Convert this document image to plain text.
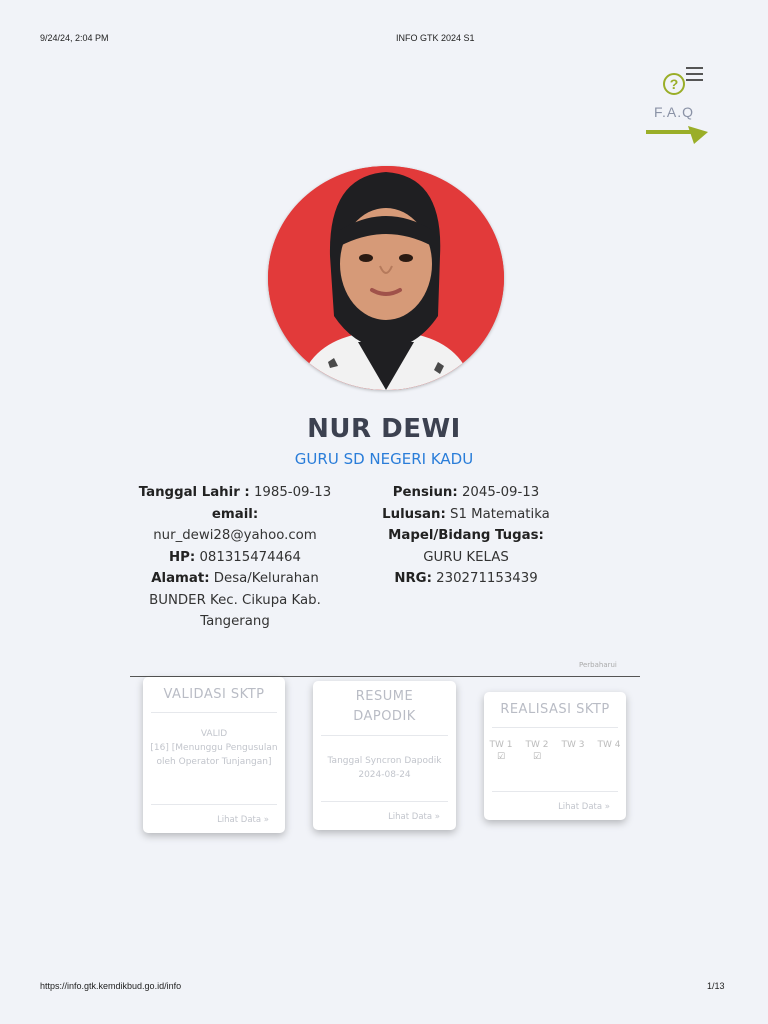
9/24/24, 2:04 PM	INFO GTK 2024 S1
?
F.A.Q
NUR DEWI
GURU SD NEGERI KADU
Tanggal Lahir : 1985-09-13
email:
nur_dewi28@yahoo.com
HP: 081315474464
Alamat: Desa/Kelurahan BUNDER Kec. Cikupa Kab. Tangerang
Pensiun: 2045-09-13
Lulusan: S1 Matematika
Mapel/Bidang Tugas:
GURU KELAS
NRG: 230271153439
Perbaharui
VALIDASI SKTP
VALID
[16] [Menunggu Pengusulan oleh Operator Tunjangan]
Lihat Data »
RESUME DAPODIK
Tanggal Syncron Dapodik
2024-08-24
Lihat Data »
REALISASI SKTP
TW 1
☑
TW 2
☑
TW 3 TW 4
Lihat Data »
https://info.gtk.kemdikbud.go.id/info	1/13
